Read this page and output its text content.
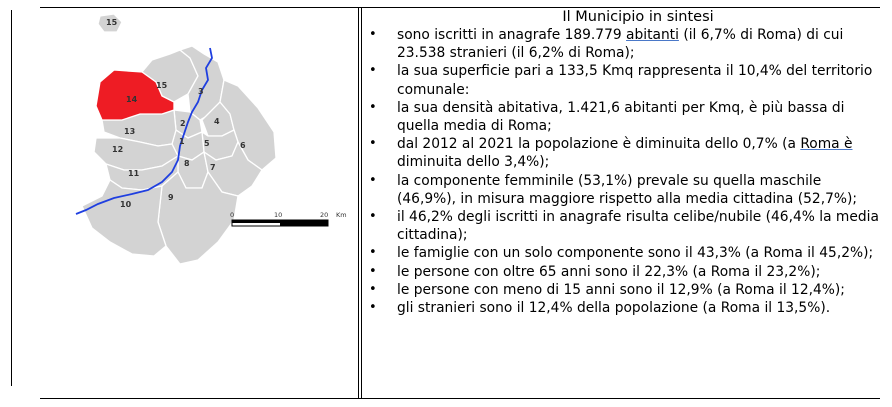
15
15
14
3
2
13
4
1 5	6
12
8	7
11
10
9
0	10	20 Km
Il Municipio in sintesi
• sono iscritti in anagrafe 189.779 abitanti (il 6,7% di Roma) di cui 23.538 stranieri (il 6,2% di Roma);
• la sua superficie pari a 133,5 Kmq rappresenta il 10,4% del territorio comunale:
• la sua densità abitativa, 1.421,6 abitanti per Kmq, è più bassa di quella media di Roma;
• dal 2012 al 2021 la popolazione è diminuita dello 0,7% (a Roma è diminuita dello 3,4%);
• la componente femminile (53,1%) prevale su quella maschile (46,9%), in misura maggiore rispetto alla media cittadina (52,7%);
• il 46,2% degli iscritti in anagrafe risulta celibe/nubile (46,4% la media cittadina);
• le famiglie con un solo componente sono il 43,3% (a Roma il 45,2%);
• le persone con oltre 65 anni sono il 22,3% (a Roma il 23,2%);
• le persone con meno di 15 anni sono il 12,9% (a Roma il 12,4%);
• gli stranieri sono il 12,4% della popolazione (a Roma il 13,5%).
